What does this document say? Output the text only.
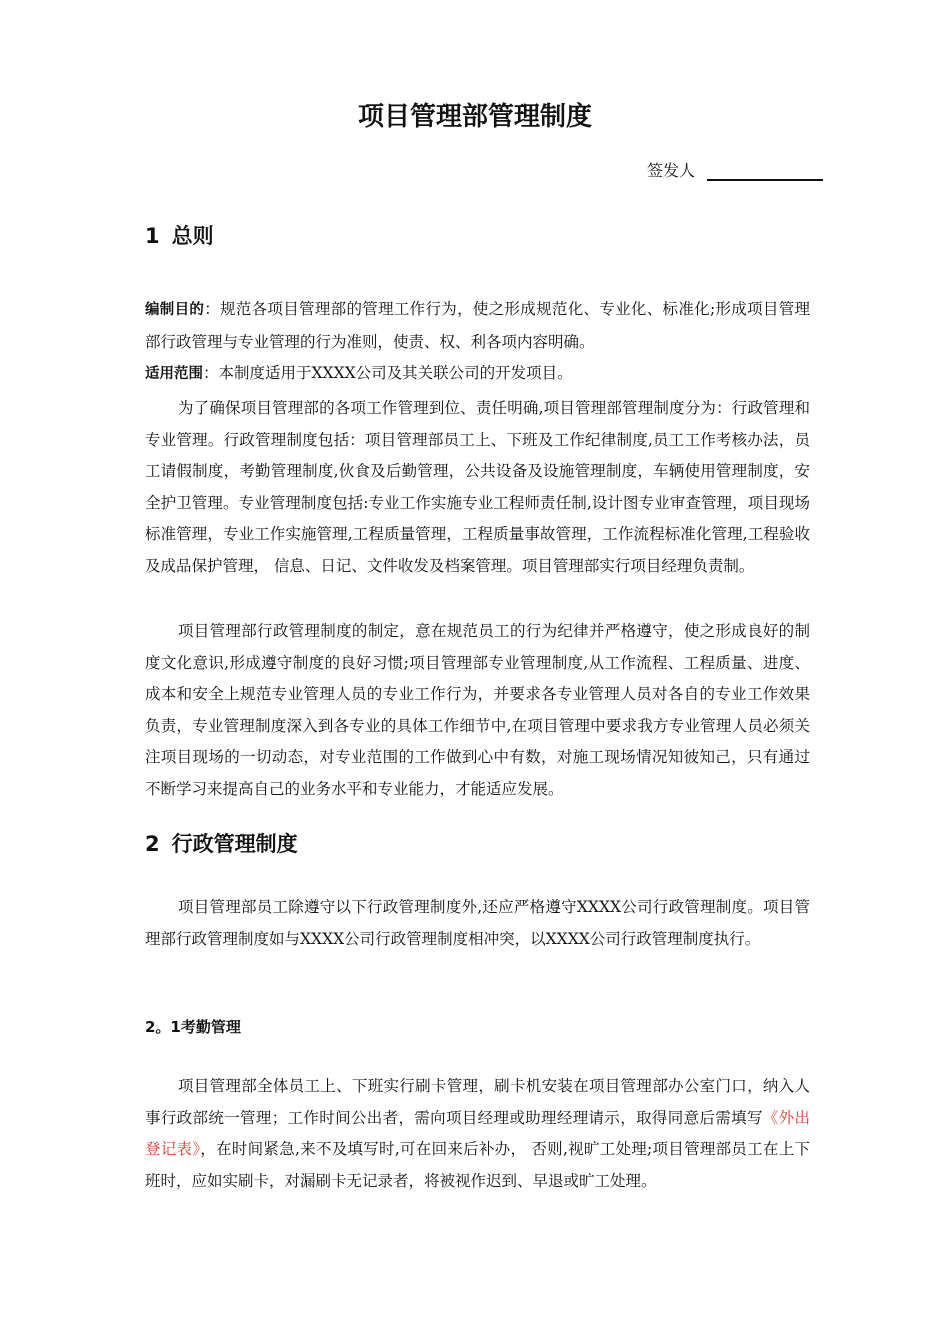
项目管理部管理制度
签发人
1 总则

编制目的：规范各项目管理部的管理工作行为，使之形成规范化、专业化、标准化;形成项目管理部行政管理与专业管理的行为准则，使责、权、利各项内容明确。

适用范围：本制度适用于XXXX公司及其关联公司的开发项目。

为了确保项目管理部的各项工作管理到位、责任明确,项目管理部管理制度分为：行政管理和专业管理。行政管理制度包括：项目管理部员工上、下班及工作纪律制度,员工工作考核办法，员工请假制度，考勤管理制度,伙食及后勤管理，公共设备及设施管理制度，车辆使用管理制度，安全护卫管理。专业管理制度包括:专业工作实施专业工程师责任制,设计图专业审查管理，项目现场标准管理，专业工作实施管理,工程质量管理，工程质量事故管理，工作流程标准化管理,工程验收及成品保护管理， 信息、日记、文件收发及档案管理。项目管理部实行项目经理负责制。

项目管理部行政管理制度的制定，意在规范员工的行为纪律并严格遵守，使之形成良好的制度文化意识,形成遵守制度的良好习惯;项目管理部专业管理制度,从工作流程、工程质量、进度、成本和安全上规范专业管理人员的专业工作行为，并要求各专业管理人员对各自的专业工作效果负责，专业管理制度深入到各专业的具体工作细节中,在项目管理中要求我方专业管理人员必须关注项目现场的一切动态，对专业范围的工作做到心中有数，对施工现场情况知彼知己，只有通过不断学习来提高自己的业务水平和专业能力，才能适应发展。

2 行政管理制度

项目管理部员工除遵守以下行政管理制度外,还应严格遵守XXXX公司行政管理制度。项目管理部行政管理制度如与XXXX公司行政管理制度相冲突，以XXXX公司行政管理制度执行。

2。1考勤管理

项目管理部全体员工上、下班实行刷卡管理，刷卡机安装在项目管理部办公室门口，纳入人事行政部统一管理；工作时间公出者，需向项目经理或助理经理请示，取得同意后需填写《外出登记表》，在时间紧急,来不及填写时,可在回来后补办， 否则,视旷工处理;项目管理部员工在上下班时，应如实刷卡，对漏刷卡无记录者，将被视作迟到、早退或旷工处理。
